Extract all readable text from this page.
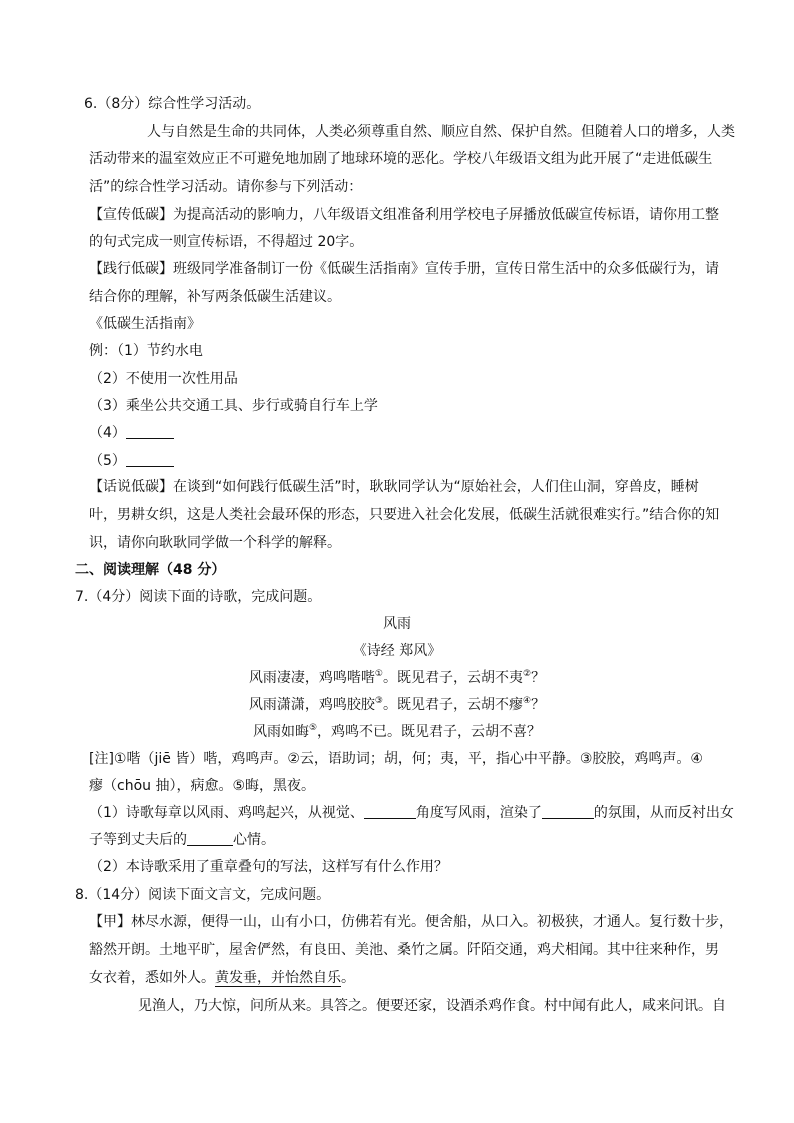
6.（8分）综合性学习活动。
人与自然是生命的共同体，人类必须尊重自然、顺应自然、保护自然。但随着人口的增多，人类
活动带来的温室效应正不可避免地加剧了地球环境的恶化。学校八年级语文组为此开展了“走进低碳生
活”的综合性学习活动。请你参与下列活动：
【宣传低碳】为提高活动的影响力，八年级语文组准备利用学校电子屏播放低碳宣传标语，请你用工整
的句式完成一则宣传标语，不得超过 20字。
【践行低碳】班级同学准备制订一份《低碳生活指南》宣传手册，宣传日常生活中的众多低碳行为，请
结合你的理解，补写两条低碳生活建议。
《低碳生活指南》
例：（1）节约水电
（2）不使用一次性用品
（3）乘坐公共交通工具、步行或骑自行车上学
（4）
（5）
【话说低碳】在谈到“如何践行低碳生活”时，耿耿同学认为“原始社会，人们住山洞，穿兽皮，睡树
叶，男耕女织，这是人类社会最环保的形态，只要进入社会化发展，低碳生活就很难实行。”结合你的知
识，请你向耿耿同学做一个科学的解释。
二、阅读理解（48 分）
7.（4分）阅读下面的诗歌，完成问题。
风雨
《诗经 郑风》
风雨凄凄，鸡鸣喈喈①。既见君子，云胡不夷②？
风雨潇潇，鸡鸣胶胶③。既见君子，云胡不瘳④？
风雨如晦⑤，鸡鸣不已。既见君子，云胡不喜？
[注]①喈（jiē 皆）喈，鸡鸣声。②云，语助词；胡，何；夷，平，指心中平静。③胶胶，鸡鸣声。④
瘳（chōu 抽），病愈。⑤晦，黑夜。
（1）诗歌每章以风雨、鸡鸣起兴，从视觉、	角度写风雨，渲染了	的氛围，从而反衬出女
子等到丈夫后的	心情。
（2）本诗歌采用了重章叠句的写法，这样写有什么作用？
8.（14分）阅读下面文言文，完成问题。
【甲】林尽水源，便得一山，山有小口，仿佛若有光。便舍船，从口入。初极狭，才通人。复行数十步，
豁然开朗。土地平旷，屋舍俨然，有良田、美池、桑竹之属。阡陌交通，鸡犬相闻。其中往来种作，男
女衣着，悉如外人。黄发垂，并怡然自乐。
见渔人，乃大惊，问所从来。具答之。便要还家，设酒杀鸡作食。村中闻有此人，咸来问讯。自
